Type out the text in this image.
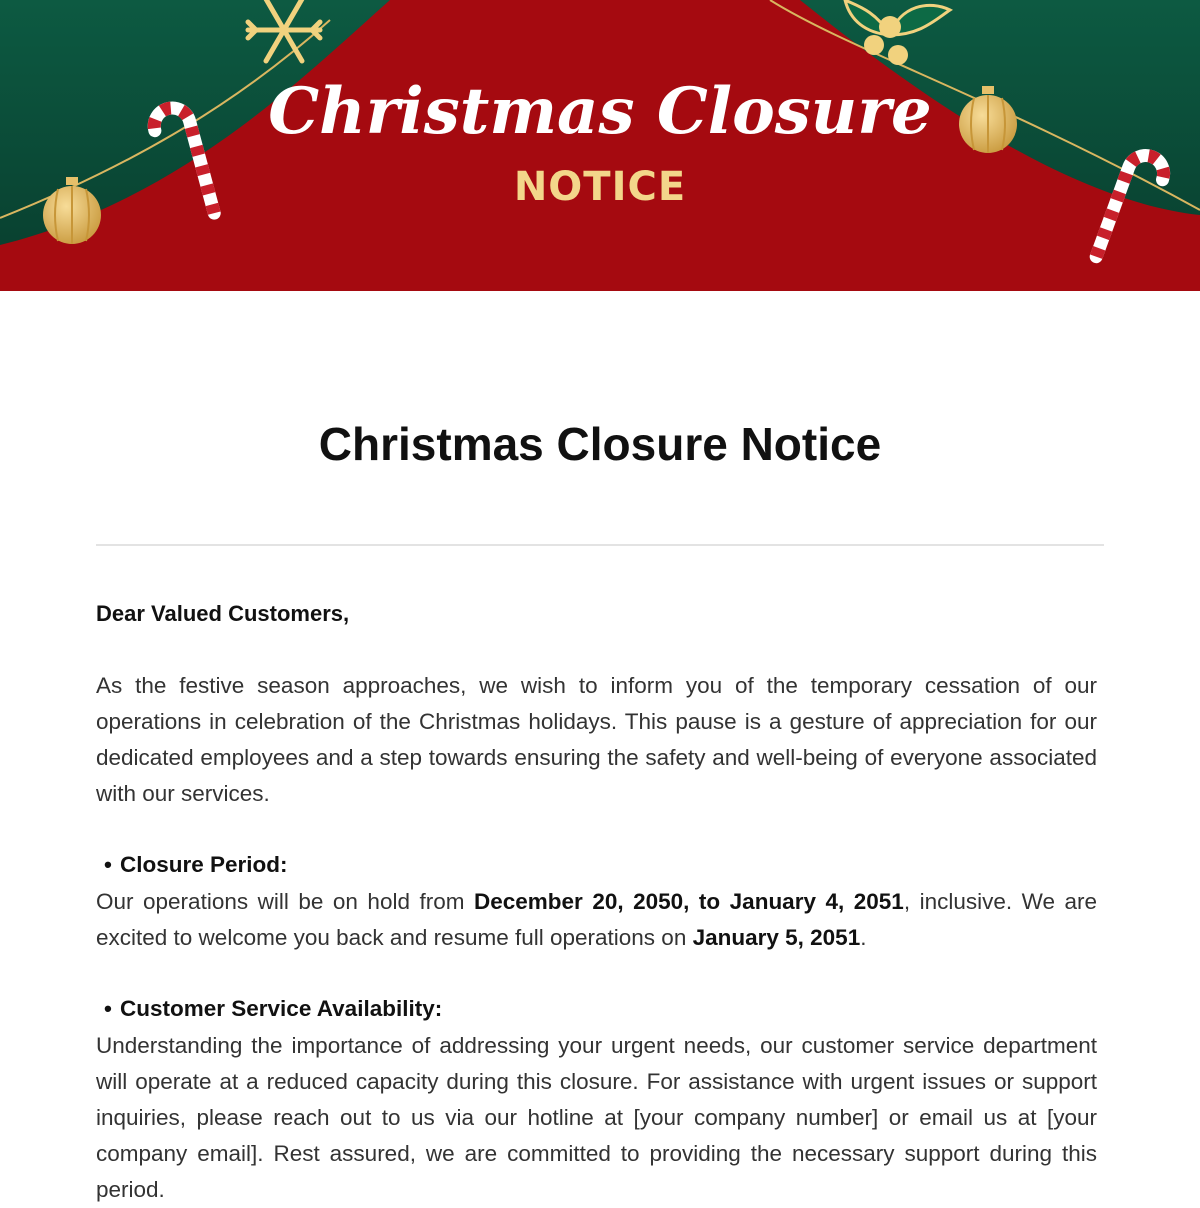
Christmas Closure
NOTICE
Christmas Closure Notice
Dear Valued Customers,

As the festive season approaches, we wish to inform you of the temporary cessation of our operations in celebration of the Christmas holidays. This pause is a gesture of appreciation for our dedicated employees and a step towards ensuring the safety and well-being of everyone associated with our services.

• Closure Period:

Our operations will be on hold from December 20, 2050, to January 4, 2051, inclusive. We are excited to welcome you back and resume full operations on January 5, 2051.

• Customer Service Availability:

Understanding the importance of addressing your urgent needs, our customer service department will operate at a reduced capacity during this closure. For assistance with urgent issues or support inquiries, please reach out to us via our hotline at [your company number] or email us at [your company email]. Rest assured, we are committed to providing the necessary support during this period.
